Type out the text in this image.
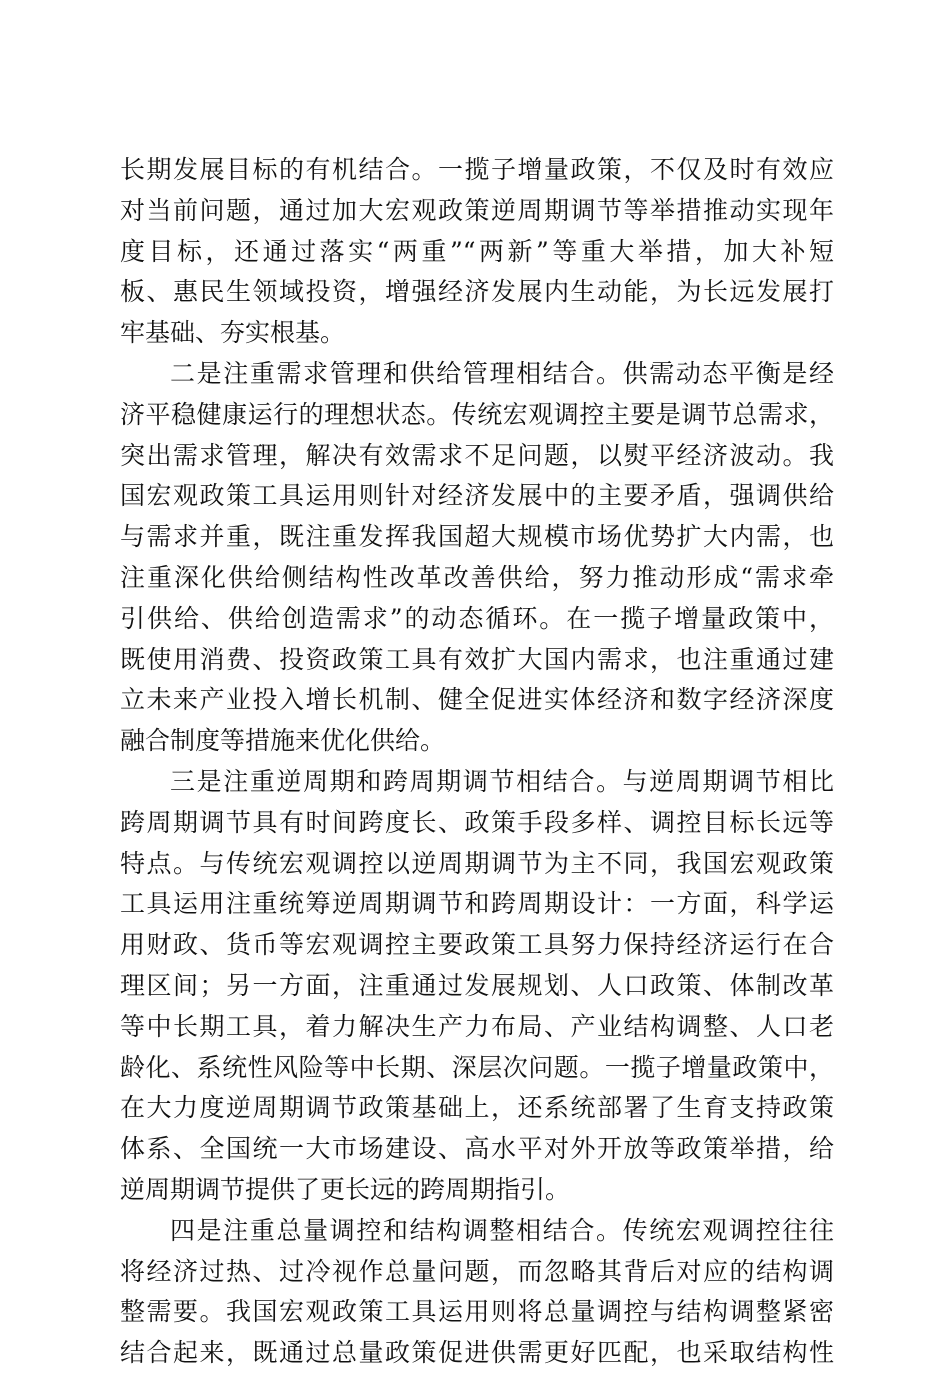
长期发展目标的有机结合。一揽子增量政策，不仅及时有效应
对当前问题，通过加大宏观政策逆周期调节等举措推动实现年
度目标，还通过落实“两重”“两新”等重大举措，加大补短
板、惠民生领域投资，增强经济发展内生动能，为长远发展打
牢基础、夯实根基。
二是注重需求管理和供给管理相结合。供需动态平衡是经
济平稳健康运行的理想状态。传统宏观调控主要是调节总需求，
突出需求管理，解决有效需求不足问题，以熨平经济波动。我
国宏观政策工具运用则针对经济发展中的主要矛盾，强调供给
与需求并重，既注重发挥我国超大规模市场优势扩大内需，也
注重深化供给侧结构性改革改善供给，努力推动形成“需求牵
引供给、供给创造需求”的动态循环。在一揽子增量政策中，
既使用消费、投资政策工具有效扩大国内需求，也注重通过建
立未来产业投入增长机制、健全促进实体经济和数字经济深度
融合制度等措施来优化供给。
三是注重逆周期和跨周期调节相结合。与逆周期调节相比
跨周期调节具有时间跨度长、政策手段多样、调控目标长远等
特点。与传统宏观调控以逆周期调节为主不同，我国宏观政策
工具运用注重统筹逆周期调节和跨周期设计：一方面，科学运
用财政、货币等宏观调控主要政策工具努力保持经济运行在合
理区间；另一方面，注重通过发展规划、人口政策、体制改革
等中长期工具，着力解决生产力布局、产业结构调整、人口老
龄化、系统性风险等中长期、深层次问题。一揽子增量政策中，
在大力度逆周期调节政策基础上，还系统部署了生育支持政策
体系、全国统一大市场建设、高水平对外开放等政策举措，给
逆周期调节提供了更长远的跨周期指引。
四是注重总量调控和结构调整相结合。传统宏观调控往往
将经济过热、过冷视作总量问题，而忽略其背后对应的结构调
整需要。我国宏观政策工具运用则将总量调控与结构调整紧密
结合起来，既通过总量政策促进供需更好匹配，也采取结构性
